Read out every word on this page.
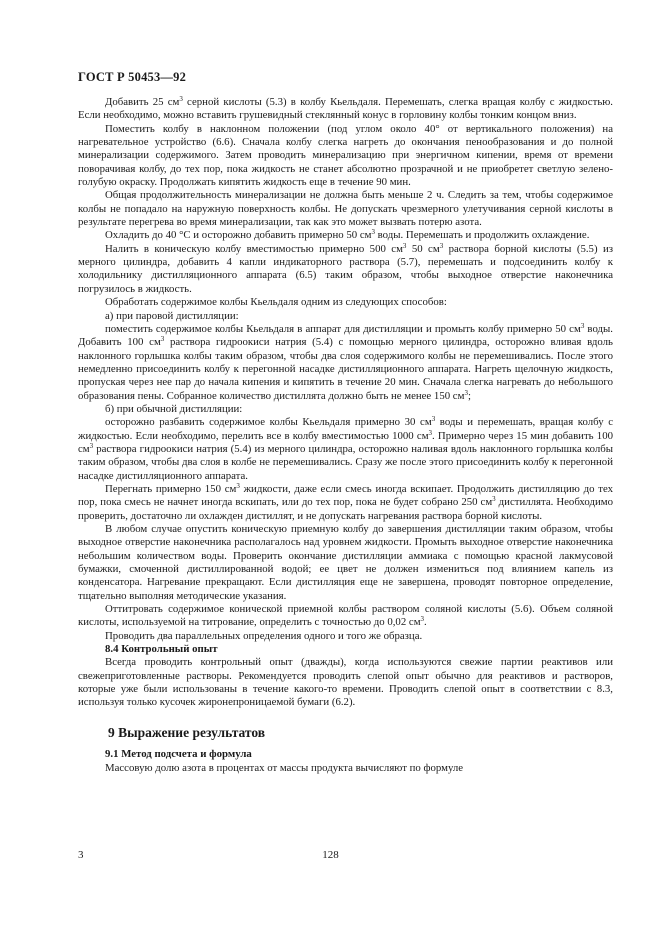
ГОСТ Р 50453—92

Добавить 25 $см^3$ серной кислоты (5.3) в колбу Кьельдаля. Перемешать, слегка вращая колбу с жидкостью. Если необходимо, можно вставить грушевидный стеклянный конус в горловину колбы тонким концом вниз.

Поместить колбу в наклонном положении (под углом около 40° от вертикального положения) на нагревательное устройство (6.6). Сначала колбу слегка нагреть до окончания пенообразования и до полной минерализации содержимого. Затем проводить минерализацию при энергичном кипении, время от времени поворачивая колбу, до тех пор, пока жидкость не станет абсолютно прозрачной и не приобретет светлую зелено-голубую окраску. Продолжать кипятить жидкость еще в течение 90 мин.

Общая продолжительность минерализации не должна быть меньше 2 ч. Следить за тем, чтобы содержимое колбы не попадало на наружную поверхность колбы. Не допускать чрезмерного улетучивания серной кислоты в результате перегрева во время минерализации, так как это может вызвать потерю азота.

Охладить до 40 °С и осторожно добавить примерно 50 $см^3$ воды. Перемешать и продолжить охлаждение.

Налить в коническую колбу вместимостью примерно 500 $см^3$ 50 $см^3$ раствора борной кислоты (5.5) из мерного цилиндра, добавить 4 капли индикаторного раствора (5.7), перемешать и подсоединить колбу к холодильнику дистилляционного аппарата (6.5) таким образом, чтобы выходное отверстие наконечника погрузилось в жидкость.

Обработать содержимое колбы Кьельдаля одним из следующих способов:

а) при паровой дистилляции:

поместить содержимое колбы Кьельдаля в аппарат для дистилляции и промыть колбу примерно 50 $см^3$ воды. Добавить 100 $см^3$ раствора гидроокиси натрия (5.4) с помощью мерного цилиндра, осторожно вливая вдоль наклонного горлышка колбы таким образом, чтобы два слоя содержимого колбы не перемешивались. После этого немедленно присоединить колбу к перегонной насадке дистилляционного аппарата. Нагреть щелочную жидкость, пропуская через нее пар до начала кипения и кипятить в течение 20 мин. Сначала слегка нагревать до небольшого образования пены. Собранное количество дистиллята должно быть не менее 150 $см^3$;

б) при обычной дистилляции:

осторожно разбавить содержимое колбы Кьельдаля примерно 30 $см^3$ воды и перемешать, вращая колбу с жидкостью. Если необходимо, перелить все в колбу вместимостью 1000 $см^3$. Примерно через 15 мин добавить 100 $см^3$ раствора гидроокиси натрия (5.4) из мерного цилиндра, осторожно наливая вдоль наклонного горлышка колбы таким образом, чтобы два слоя в колбе не перемешивались. Сразу же после этого присоединить колбу к перегонной насадке дистилляционного аппарата.

Перегнать примерно 150 $см^3$ жидкости, даже если смесь иногда вскипает. Продолжить дистилляцию до тех пор, пока смесь не начнет иногда вскипать, или до тех пор, пока не будет собрано 250 $см^3$ дистиллята. Необходимо проверить, достаточно ли охлажден дистиллят, и не допускать нагревания раствора борной кислоты.

В любом случае опустить коническую приемную колбу до завершения дистилляции таким образом, чтобы выходное отверстие наконечника располагалось над уровнем жидкости. Промыть выходное отверстие наконечника небольшим количеством воды. Проверить окончание дистилляции аммиака с помощью красной лакмусовой бумажки, смоченной дистиллированной водой; ее цвет не должен измениться под влиянием капель из конденсатора. Нагревание прекращают. Если дистилляция еще не завершена, проводят повторное определение, тщательно выполняя методические указания.

Оттитровать содержимое конической приемной колбы раствором соляной кислоты (5.6). Объем соляной кислоты, используемой на титрование, определить с точностью до 0,02 $см^3$.

Проводить два параллельных определения одного и того же образца.

8.4 Контрольный опыт

Всегда проводить контрольный опыт (дважды), когда используются свежие партии реактивов или свежеприготовленные растворы. Рекомендуется проводить слепой опыт обычно для реактивов и растворов, которые уже были использованы в течение какого-то времени. Проводить слепой опыт в соответствии с 8.3, используя только кусочек жиронепроницаемой бумаги (6.2).

9 Выражение результатов

9.1 Метод подсчета и формула

Массовую долю азота в процентах от массы продукта вычисляют по формуле

3	128
